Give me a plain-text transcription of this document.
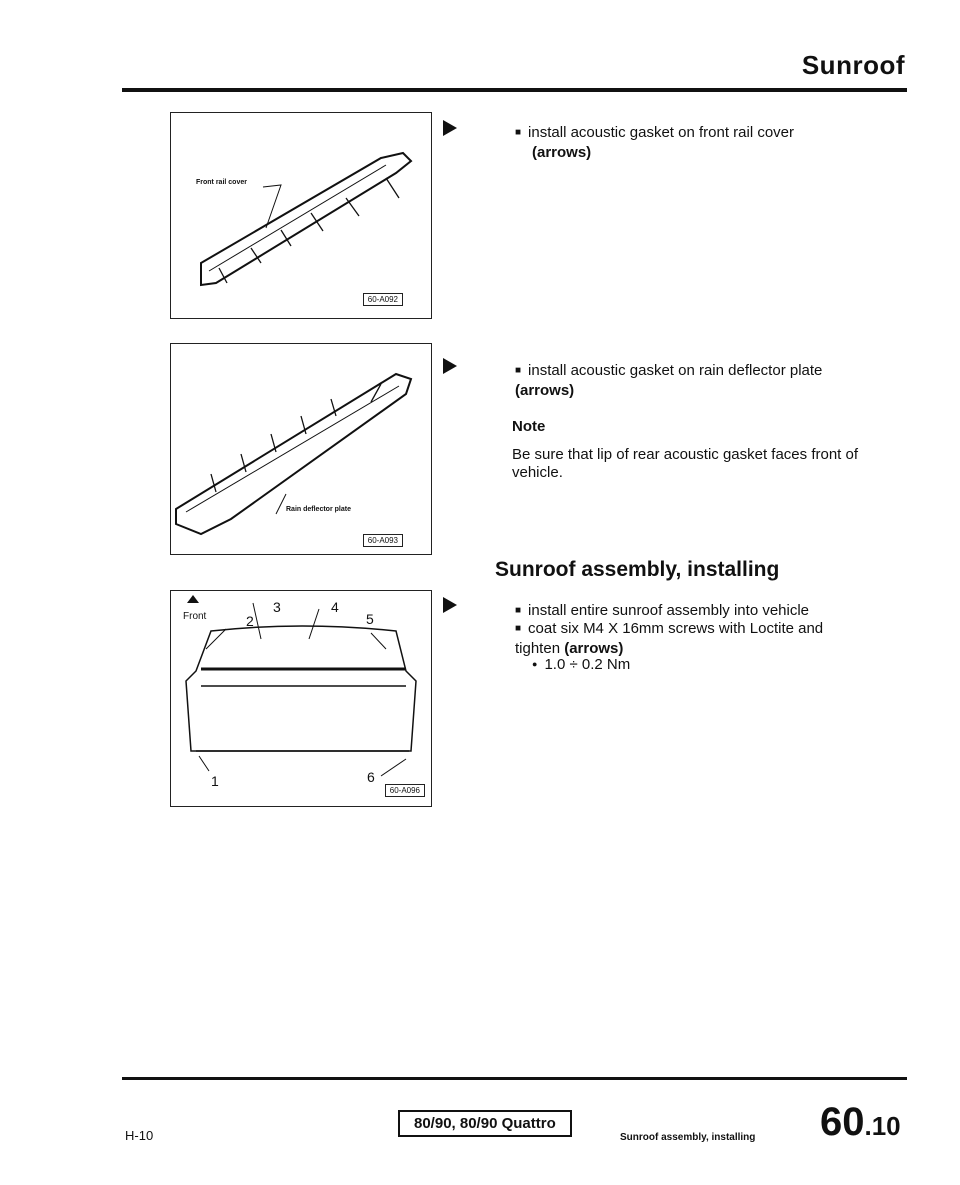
Sunroof
Front rail cover
60-A092
Rain deflector plate
60-A093
Front
1
2
3	4
5
6
60-A096
■ install acoustic gasket on front rail cover
(arrows)
■ install acoustic gasket on rain deflector plate (arrows)
Note
Be sure that lip of rear acoustic gasket faces front of vehicle.
Sunroof assembly, installing
■ install entire sunroof assembly into vehicle
■ coat six M4 X 16mm screws with Loctite and tighten (arrows)
● 1.0 ÷ 0.2 Nm
H-10
80/90, 80/90 Quattro
Sunroof assembly, installing 60.10
